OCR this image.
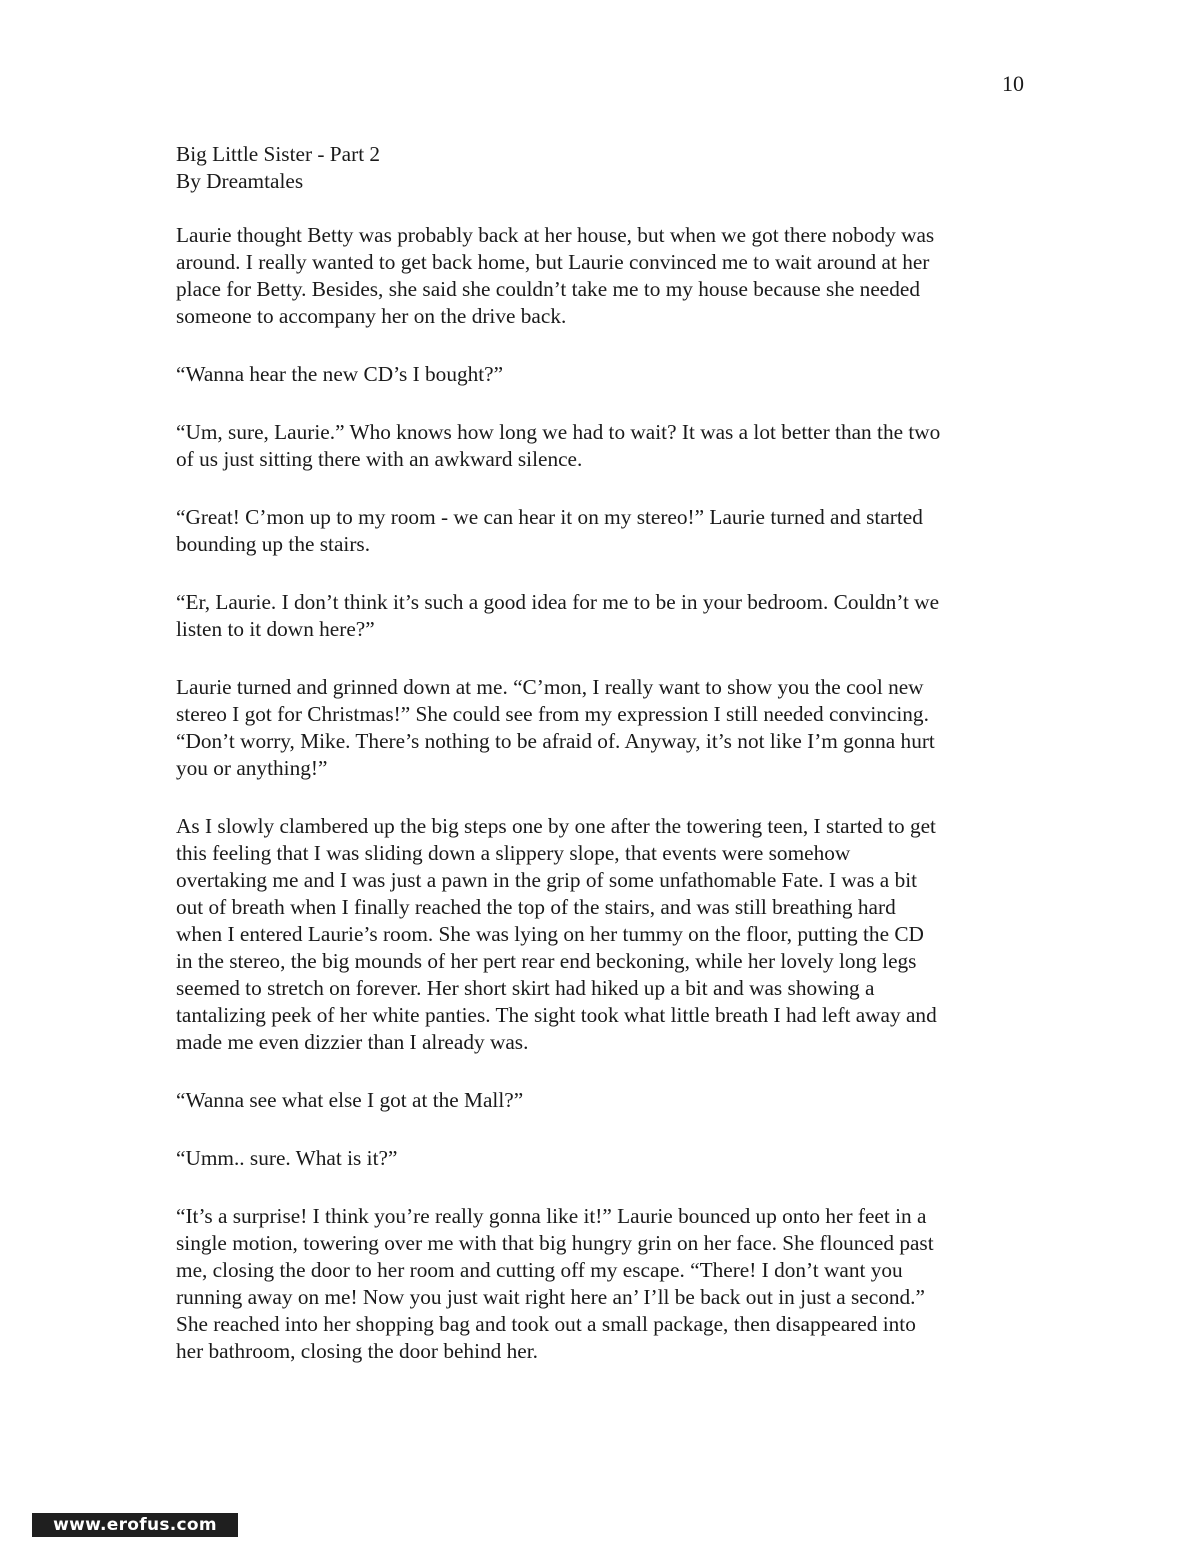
10
Big Little Sister - Part 2
By Dreamtales
Laurie thought Betty was probably back at her house, but when we got there nobody was
around. I really wanted to get back home, but Laurie convinced me to wait around at her
place for Betty. Besides, she said she couldn’t take me to my house because she needed
someone to accompany her on the drive back.
“Wanna hear the new CD’s I bought?”
“Um, sure, Laurie.” Who knows how long we had to wait? It was a lot better than the two
of us just sitting there with an awkward silence.
“Great! C’mon up to my room - we can hear it on my stereo!” Laurie turned and started
bounding up the stairs.
“Er, Laurie. I don’t think it’s such a good idea for me to be in your bedroom. Couldn’t we
listen to it down here?”
Laurie turned and grinned down at me. “C’mon, I really want to show you the cool new
stereo I got for Christmas!” She could see from my expression I still needed convincing.
“Don’t worry, Mike. There’s nothing to be afraid of. Anyway, it’s not like I’m gonna hurt
you or anything!”
As I slowly clambered up the big steps one by one after the towering teen, I started to get
this feeling that I was sliding down a slippery slope, that events were somehow
overtaking me and I was just a pawn in the grip of some unfathomable Fate. I was a bit
out of breath when I finally reached the top of the stairs, and was still breathing hard
when I entered Laurie’s room. She was lying on her tummy on the floor, putting the CD
in the stereo, the big mounds of her pert rear end beckoning, while her lovely long legs
seemed to stretch on forever. Her short skirt had hiked up a bit and was showing a
tantalizing peek of her white panties. The sight took what little breath I had left away and
made me even dizzier than I already was.
“Wanna see what else I got at the Mall?”
“Umm.. sure. What is it?”
“It’s a surprise! I think you’re really gonna like it!” Laurie bounced up onto her feet in a
single motion, towering over me with that big hungry grin on her face. She flounced past
me, closing the door to her room and cutting off my escape. “There! I don’t want you
running away on me! Now you just wait right here an’ I’ll be back out in just a second.”
She reached into her shopping bag and took out a small package, then disappeared into
her bathroom, closing the door behind her.
www.erofus.com
